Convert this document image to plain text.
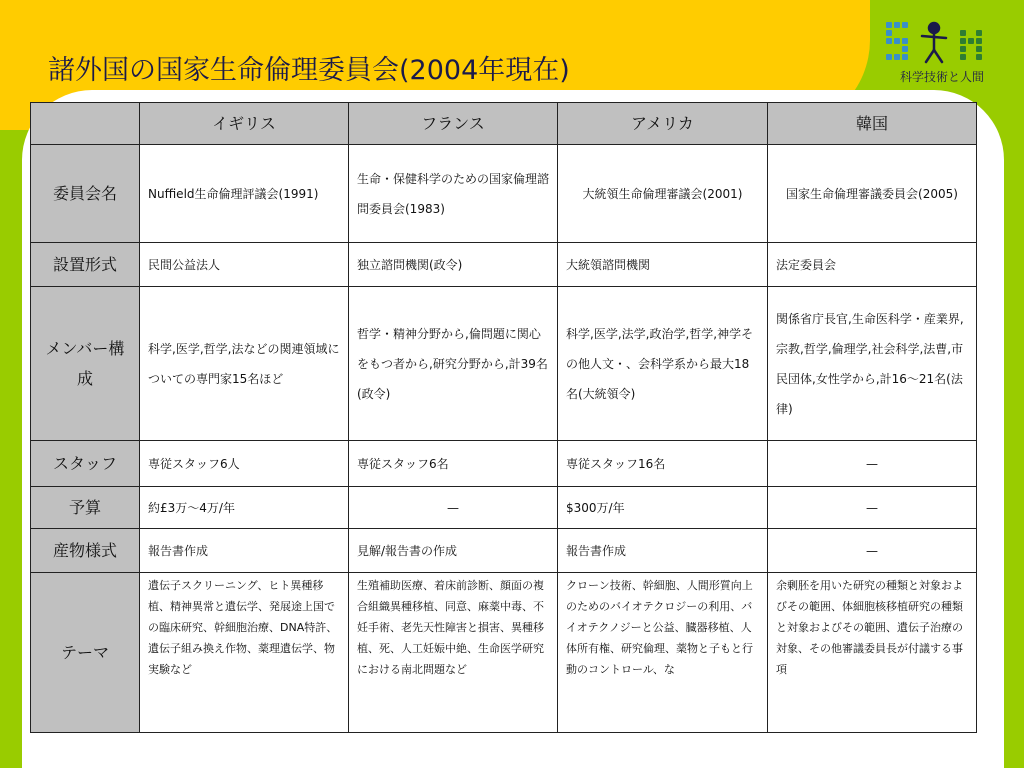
諸外国の国家生命倫理委員会(2004年現在)	科学技術と人間
	イギリス	フランス	アメリカ	韓国
委員会名	Nuffield生命倫理評議会(1991)	生命・保健科学のための国家倫理諮問委員会(1983)	大統領生命倫理審議会(2001)	国家生命倫理審議委員会(2005)
設置形式	民間公益法人	独立諮問機関(政令)	大統領諮問機関	法定委員会
メンバー構成	科学,医学,哲学,法などの関連領域についての専門家15名ほど	哲学・精神分野から,倫問題に関心をもつ者から,研究分野から,計39名(政令)	科学,医学,法学,政治学,哲学,神学その他人文・、会科学系から最大18名(大統領令)	関係省庁長官,生命医科学・産業界,宗教,哲学,倫理学,社会科学,法曹,市民団体,女性学から,計16～21名(法律)
スタッフ	専従スタッフ6人	専従スタッフ6名	専従スタッフ16名	—
予算	約£3万～4万/年	—	$300万/年	—
産物様式	報告書作成	見解/報告書の作成	報告書作成	—
テーマ	遺伝子スクリーニング、ヒト異種移植、精神異常と遺伝学、発展途上国での臨床研究、幹細胞治療、DNA特許、遺伝子組み換え作物、薬理遺伝学、物実験など	生殖補助医療、着床前診断、顔面の複合組織異種移植、同意、麻薬中毒、不妊手術、老先天性障害と損害、異種移植、死、人工妊娠中絶、生命医学研究における南北問題など	クローン技術、幹細胞、人間形質向上のためのバイオテクロジーの利用、バイオテクノジーと公益、臓器移植、人体所有権、研究倫理、薬物と子もと行動のコントロール、な	余剰胚を用いた研究の種類と対象およびその範囲、体細胞核移植研究の種類と対象およびその範囲、遺伝子治療の対象、その他審議委員長が付議する事項
